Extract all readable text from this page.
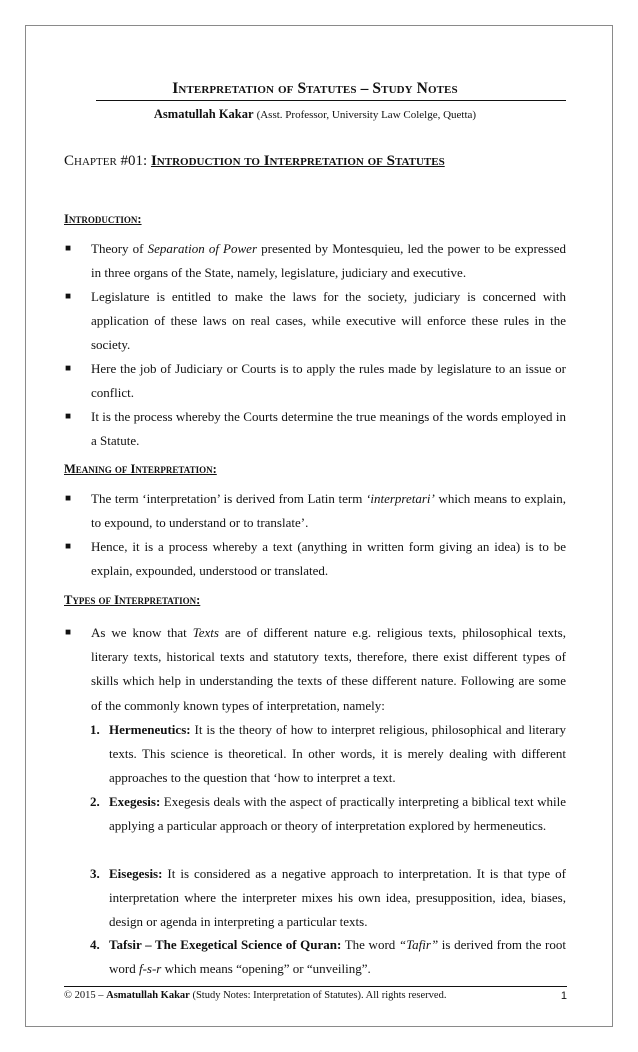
Interpretation of Statutes – Study Notes
Asmatullah Kakar (Asst. Professor, University Law Colelge, Quetta)
Chapter #01: Introduction to Interpretation of Statutes
Introduction:
■ Theory of Separation of Power presented by Montesquieu, led the power to be expressed in three organs of the State, namely, legislature, judiciary and executive.
■ Legislature is entitled to make the laws for the society, judiciary is concerned with application of these laws on real cases, while executive will enforce these rules in the society.
■ Here the job of Judiciary or Courts is to apply the rules made by legislature to an issue or conflict.
■ It is the process whereby the Courts determine the true meanings of the words employed in a Statute.
Meaning of Interpretation:
■ The term ‘interpretation’ is derived from Latin term ‘interpretari’ which means to explain, to expound, to understand or to translate’.
■ Hence, it is a process whereby a text (anything in written form giving an idea) is to be explain, expounded, understood or translated.
Types of Interpretation:
■ As we know that Texts are of different nature e.g. religious texts, philosophical texts, literary texts, historical texts and statutory texts, therefore, there exist different types of skills which help in understanding the texts of these different nature. Following are some of the commonly known types of interpretation, namely:
1. Hermeneutics: It is the theory of how to interpret religious, philosophical and literary texts. This science is theoretical. In other words, it is merely dealing with different approaches to the question that ‘how to interpret a text.
2. Exegesis: Exegesis deals with the aspect of practically interpreting a biblical text while applying a particular approach or theory of interpretation explored by hermeneutics.
3. Eisegesis: It is considered as a negative approach to interpretation. It is that type of interpretation where the interpreter mixes his own idea, presupposition, idea, biases, design or agenda in interpreting a particular texts.
4. Tafsir – The Exegetical Science of Quran: The word “Tafir” is derived from the root word f-s-r which means “opening” or “unveiling”.
© 2015 – Asmatullah Kakar (Study Notes: Interpretation of Statutes). All rights reserved.	1
